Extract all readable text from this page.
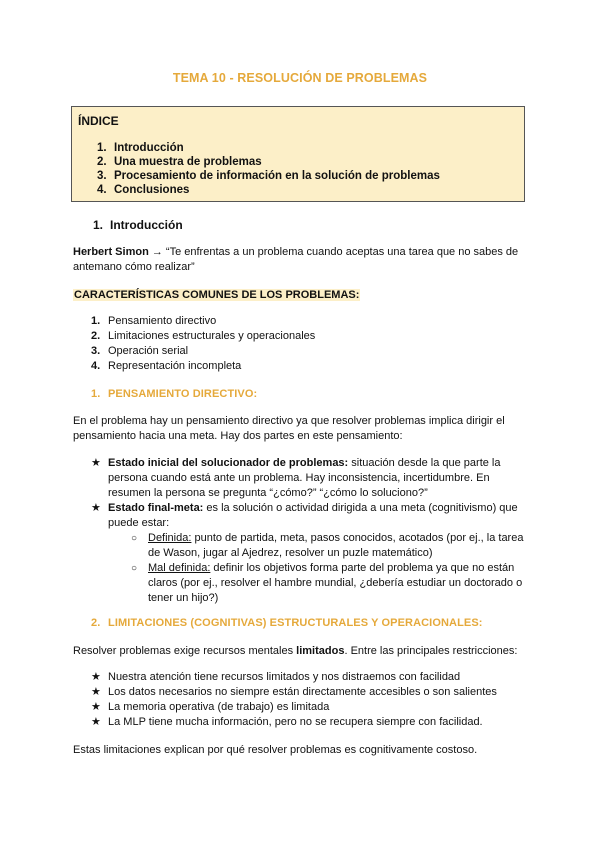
TEMA 10 - RESOLUCIÓN DE PROBLEMAS
ÍNDICE
1. Introducción
2. Una muestra de problemas
3. Procesamiento de información en la solución de problemas
4. Conclusiones
1. Introducción
Herbert Simon → “Te enfrentas a un problema cuando aceptas una tarea que no sabes de antemano cómo realizar”
CARACTERÍSTICAS COMUNES DE LOS PROBLEMAS:
1. Pensamiento directivo
2. Limitaciones estructurales y operacionales
3. Operación serial
4. Representación incompleta
1. PENSAMIENTO DIRECTIVO:
En el problema hay un pensamiento directivo ya que resolver problemas implica dirigir el pensamiento hacia una meta. Hay dos partes en este pensamiento:
★ Estado inicial del solucionador de problemas: situación desde la que parte la persona cuando está ante un problema. Hay inconsistencia, incertidumbre. En resumen la persona se pregunta “¿cómo?” “¿cómo lo soluciono?”
★ Estado final-meta: es la solución o actividad dirigida a una meta (cognitivismo) que puede estar:
○ Definida: punto de partida, meta, pasos conocidos, acotados (por ej., la tarea de Wason, jugar al Ajedrez, resolver un puzle matemático)
○ Mal definida: definir los objetivos forma parte del problema ya que no están claros (por ej., resolver el hambre mundial, ¿debería estudiar un doctorado o tener un hijo?)
2. LIMITACIONES (COGNITIVAS) ESTRUCTURALES Y OPERACIONALES:
Resolver problemas exige recursos mentales limitados. Entre las principales restricciones:
★ Nuestra atención tiene recursos limitados y nos distraemos con facilidad
★ Los datos necesarios no siempre están directamente accesibles o son salientes
★ La memoria operativa (de trabajo) es limitada
★ La MLP tiene mucha información, pero no se recupera siempre con facilidad.
Estas limitaciones explican por qué resolver problemas es cognitivamente costoso.
